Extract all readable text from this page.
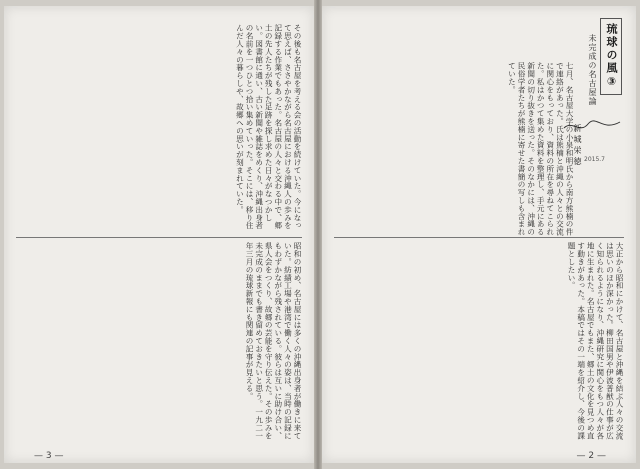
その後も名古屋を考える会の活動を続けていた。今になって思えば、ささやかながら名古屋における沖縄人の歩みを記録する作業でもあった。名古屋の人々と交わる中で、郷土の先人たちが残した足跡を探し求めた日々がなつかしい。図書館に通い、古い新聞や雑誌をめくり、沖縄出身者の名前を一つひとつ拾い集めていった。そこには、移り住んだ人々の暮らしや、故郷への思いが刻まれていた。
昭和の初め、名古屋には多くの沖縄出身者が働きに来ていた。紡績工場や港湾で働く人々の姿は、当時の記録にもわずかながら残されている。彼らは互いに助け合い、県人会をつくり、故郷の芸能を守り伝えた。その歩みを未完成のままでも書き留めておきたいと思う。一九二一年三月の琉球新報にも関連の記事が見える。
— 3 —
琉球の風③
未完成の名古屋論
七月、名古屋大学の小泉和明氏から南方熊楠の件で連絡があった。氏は熊楠と沖縄の人々との交流に関心をもっており、資料の所在を尋ねてこられた。私はかつて集めた資料を整理し、手元にある新聞の切り抜きを送った。そのなかには、沖縄の民俗学者たちが熊楠に寄せた書簡の写しも含まれていた。
新城栄徳 2015.7
大正から昭和にかけて、名古屋と沖縄を結ぶ人々の交流は思いのほか深かった。柳田国男や伊波普猷の仕事が広く知られるようになり、沖縄研究に関心をもつ人々が各地に生まれた。名古屋でもまた、郷土の文化を見つめ直す動きがあった。本稿ではその一端を紹介し、今後の課題としたい。
— 2 —
